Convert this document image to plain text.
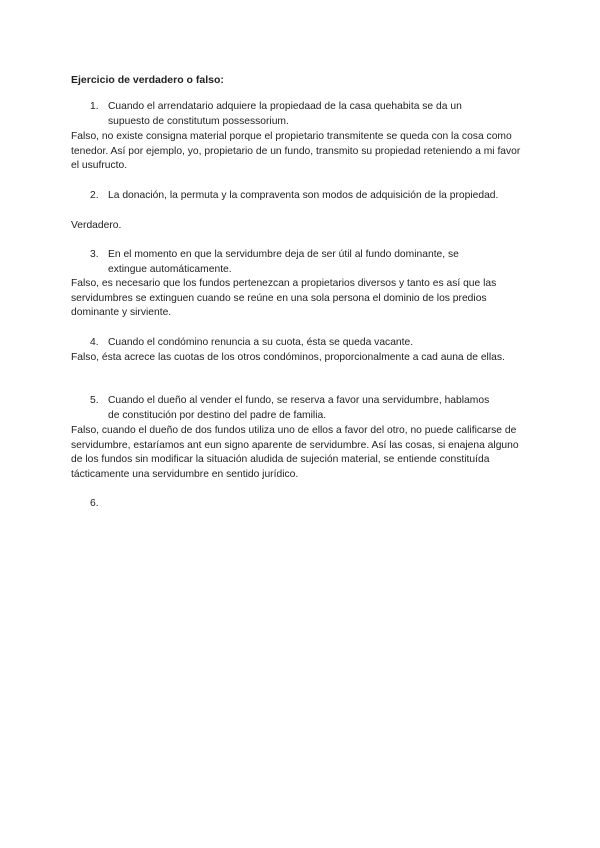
Ejercicio de verdadero o falso:
1. Cuando el arrendatario adquiere la propiedaad de la casa quehabita se da un supuesto de constitutum possessorium.
Falso, no existe consigna material porque el propietario transmitente se queda con la cosa como tenedor. Así por ejemplo, yo, propietario de un fundo, transmito su propiedad reteniendo a mi favor el usufructo.
2. La donación, la permuta y la compraventa son modos de adquisición de la propiedad.
Verdadero.
3. En el momento en que la servidumbre deja de ser útil al fundo dominante, se extingue automáticamente.
Falso, es necesario que los fundos pertenezcan a propietarios diversos y tanto es así que las servidumbres se extinguen cuando se reúne en una sola persona el dominio de los predios dominante y sirviente.
4. Cuando el condómino renuncia a su cuota, ésta se queda vacante.
Falso, ésta acrece las cuotas de los otros condóminos, proporcionalmente a cad auna de ellas.
5. Cuando el dueño al vender el fundo, se reserva a favor una servidumbre, hablamos de constitución por destino del padre de familia.
Falso, cuando el dueño de dos fundos utiliza uno de ellos a favor del otro, no puede calificarse de servidumbre, estaríamos ant eun signo aparente de servidumbre. Así las cosas, si enajena alguno de los fundos sin modificar la situación aludida de sujeción material, se entiende constituída tácticamente una servidumbre en sentido jurídico.
6.
